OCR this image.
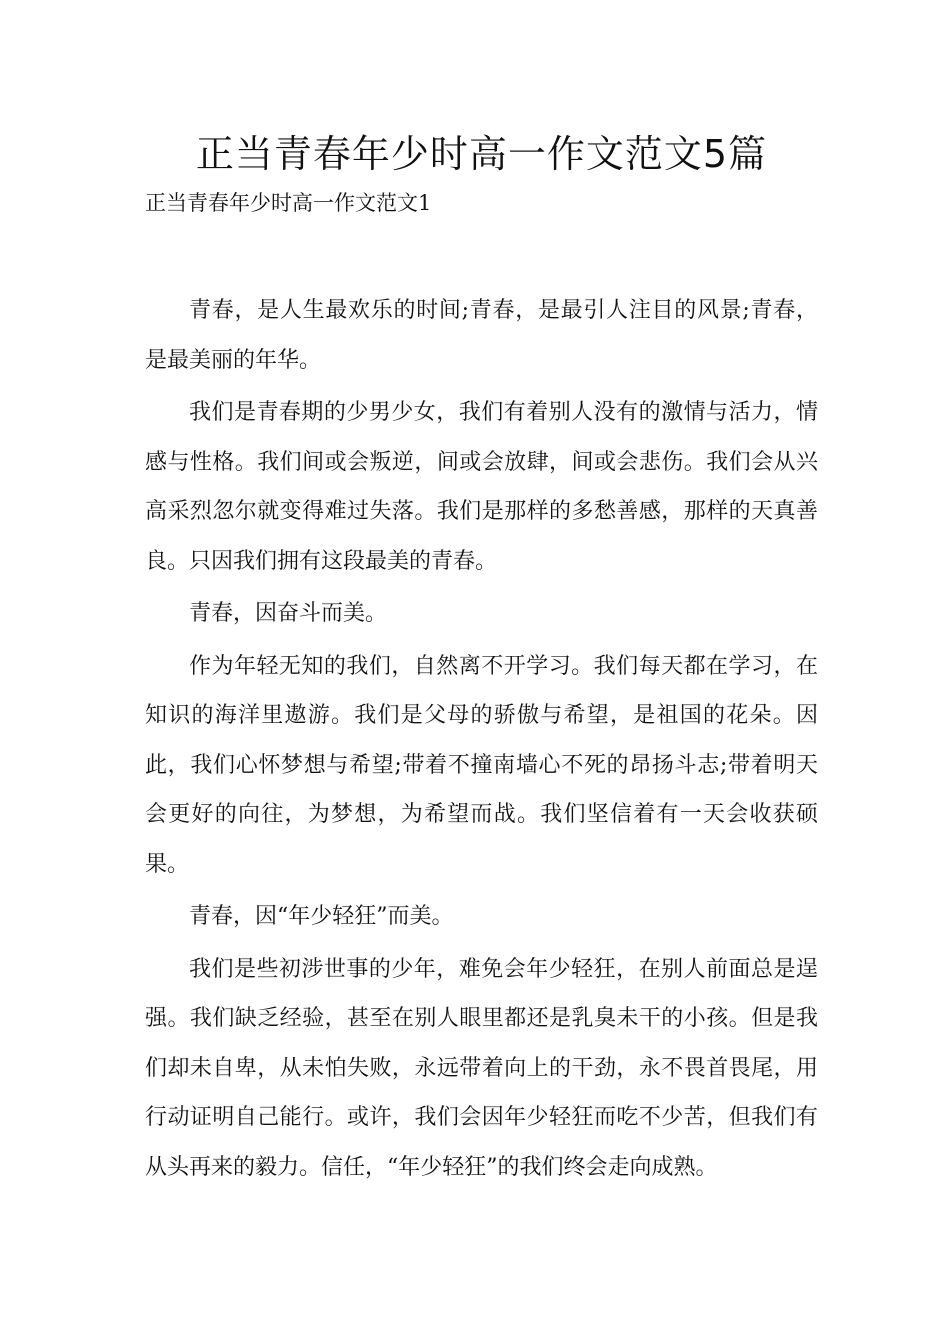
正当青春年少时高一作文范文5篇
正当青春年少时高一作文范文1

青春，是人生最欢乐的时间;青春，是最引人注目的风景;青春，是最美丽的年华。

我们是青春期的少男少女，我们有着别人没有的激情与活力，情感与性格。我们间或会叛逆，间或会放肆，间或会悲伤。我们会从兴高采烈忽尔就变得难过失落。我们是那样的多愁善感，那样的天真善良。只因我们拥有这段最美的青春。

青春，因奋斗而美。

作为年轻无知的我们，自然离不开学习。我们每天都在学习，在知识的海洋里遨游。我们是父母的骄傲与希望，是祖国的花朵。因此，我们心怀梦想与希望;带着不撞南墙心不死的昂扬斗志;带着明天会更好的向往，为梦想，为希望而战。我们坚信着有一天会收获硕果。

青春，因“年少轻狂”而美。

我们是些初涉世事的少年，难免会年少轻狂，在别人前面总是逞强。我们缺乏经验，甚至在别人眼里都还是乳臭未干的小孩。但是我们却未自卑，从未怕失败，永远带着向上的干劲，永不畏首畏尾，用行动证明自己能行。或许，我们会因年少轻狂而吃不少苦，但我们有从头再来的毅力。信任，“年少轻狂”的我们终会走向成熟。
